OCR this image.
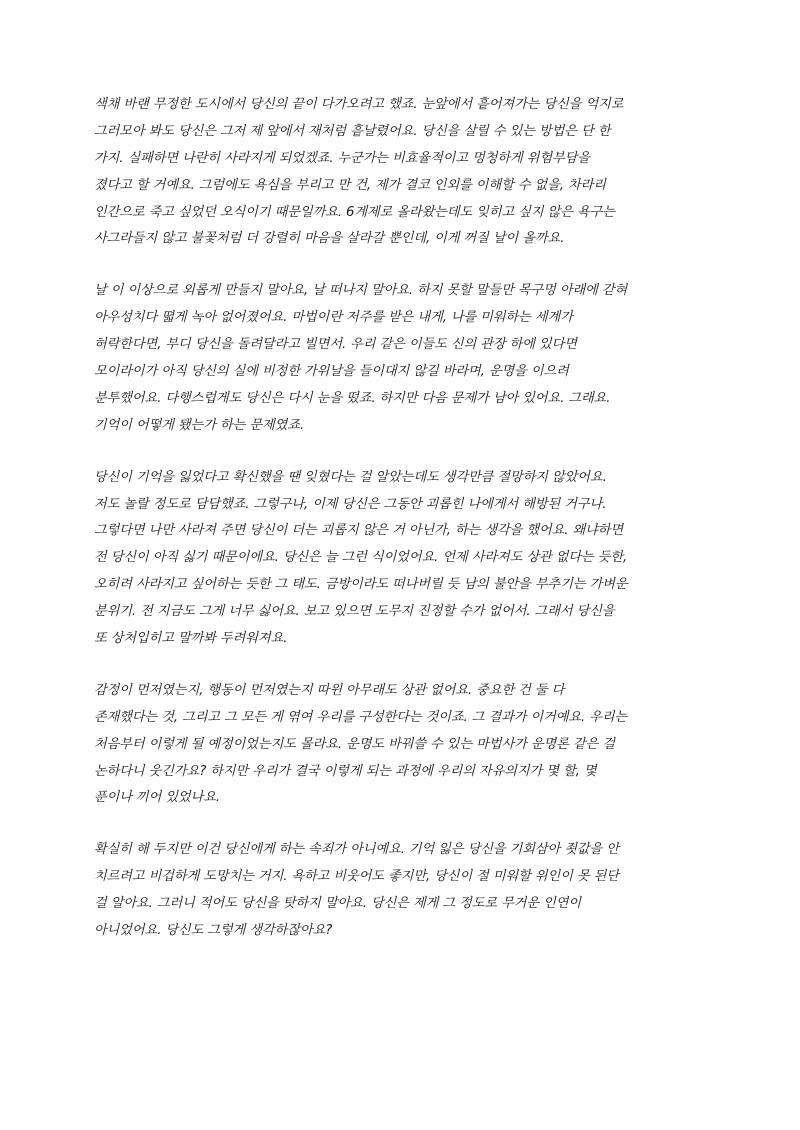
색채 바랜 무정한 도시에서 당신의 끝이 다가오려고 했죠. 눈앞에서 흩어져가는 당신을 억지로
그러모아 봐도 당신은 그저 제 앞에서 재처럼 흩날렸어요. 당신을 살릴 수 있는 방법은 단 한
가지. 실패하면 나란히 사라지게 되었겠죠. 누군가는 비효율적이고 멍청하게 위험부담을
졌다고 할 거예요. 그럼에도 욕심을 부리고 만 건, 제가 결코 인외를 이해할 수 없을, 차라리
인간으로 죽고 싶었던 오식이기 때문일까요. 6계제로 올라왔는데도 잊히고 싶지 않은 욕구는
사그라들지 않고 불꽃처럼 더 강렬히 마음을 살라갈 뿐인데, 이게 꺼질 날이 올까요.
날 이 이상으로 외롭게 만들지 말아요, 날 떠나지 말아요. 하지 못할 말들만 목구멍 아래에 갇혀
아우성치다 뗣게 녹아 없어졌어요. 마법이란 저주를 받은 내게, 나를 미워하는 세계가
허락한다면, 부디 당신을 돌려달라고 빌면서. 우리 같은 이들도 신의 관장 하에 있다면
모이라이가 아직 당신의 실에 비정한 가위날을 들이대지 않길 바라며, 운명을 이으려
분투했어요. 다행스럽게도 당신은 다시 눈을 떴죠. 하지만 다음 문제가 남아 있어요. 그래요.
기억이 어떻게 됐는가 하는 문제였죠.
당신이 기억을 잃었다고 확신했을 땐 잊혔다는 걸 알았는데도 생각만큼 절망하지 않았어요.
저도 놀랄 정도로 담담했죠. 그렇구나, 이제 당신은 그동안 괴롭힌 나에게서 해방된 거구나.
그렇다면 나만 사라져 주면 당신이 더는 괴롭지 않은 거 아닌가, 하는 생각을 했어요. 왜냐하면
전 당신이 아직 싫기 때문이에요. 당신은 늘 그런 식이었어요. 언제 사라져도 상관 없다는 듯한,
오히려 사라지고 싶어하는 듯한 그 태도. 금방이라도 떠나버릴 듯 남의 불안을 부추기는 가벼운
분위기. 전 지금도 그게 너무 싫어요. 보고 있으면 도무지 진정할 수가 없어서. 그래서 당신을
또 상처입히고 말까봐 두려워져요.
감정이 먼저였는지, 행동이 먼저였는지 따윈 아무래도 상관 없어요. 중요한 건 둘 다
존재했다는 것, 그리고 그 모든 게 엮여 우리를 구성한다는 것이죠. 그 결과가 이거예요. 우리는
처음부터 이렇게 될 예정이었는지도 몰라요. 운명도 바꿔쓸 수 있는 마법사가 운명론 같은 걸
논하다니 웃긴가요? 하지만 우리가 결국 이렇게 되는 과정에 우리의 자유의지가 몇 할, 몇
푼이나 끼어 있었나요.
확실히 해 두지만 이건 당신에게 하는 속죄가 아니예요. 기억 잃은 당신을 기회삼아 죗값을 안
치르려고 비겁하게 도망치는 거지. 욕하고 비웃어도 좋지만, 당신이 절 미워할 위인이 못 된단
걸 알아요. 그러니 적어도 당신을 탓하지 말아요. 당신은 제게 그 정도로 무거운 인연이
아니었어요. 당신도 그렇게 생각하잖아요?
